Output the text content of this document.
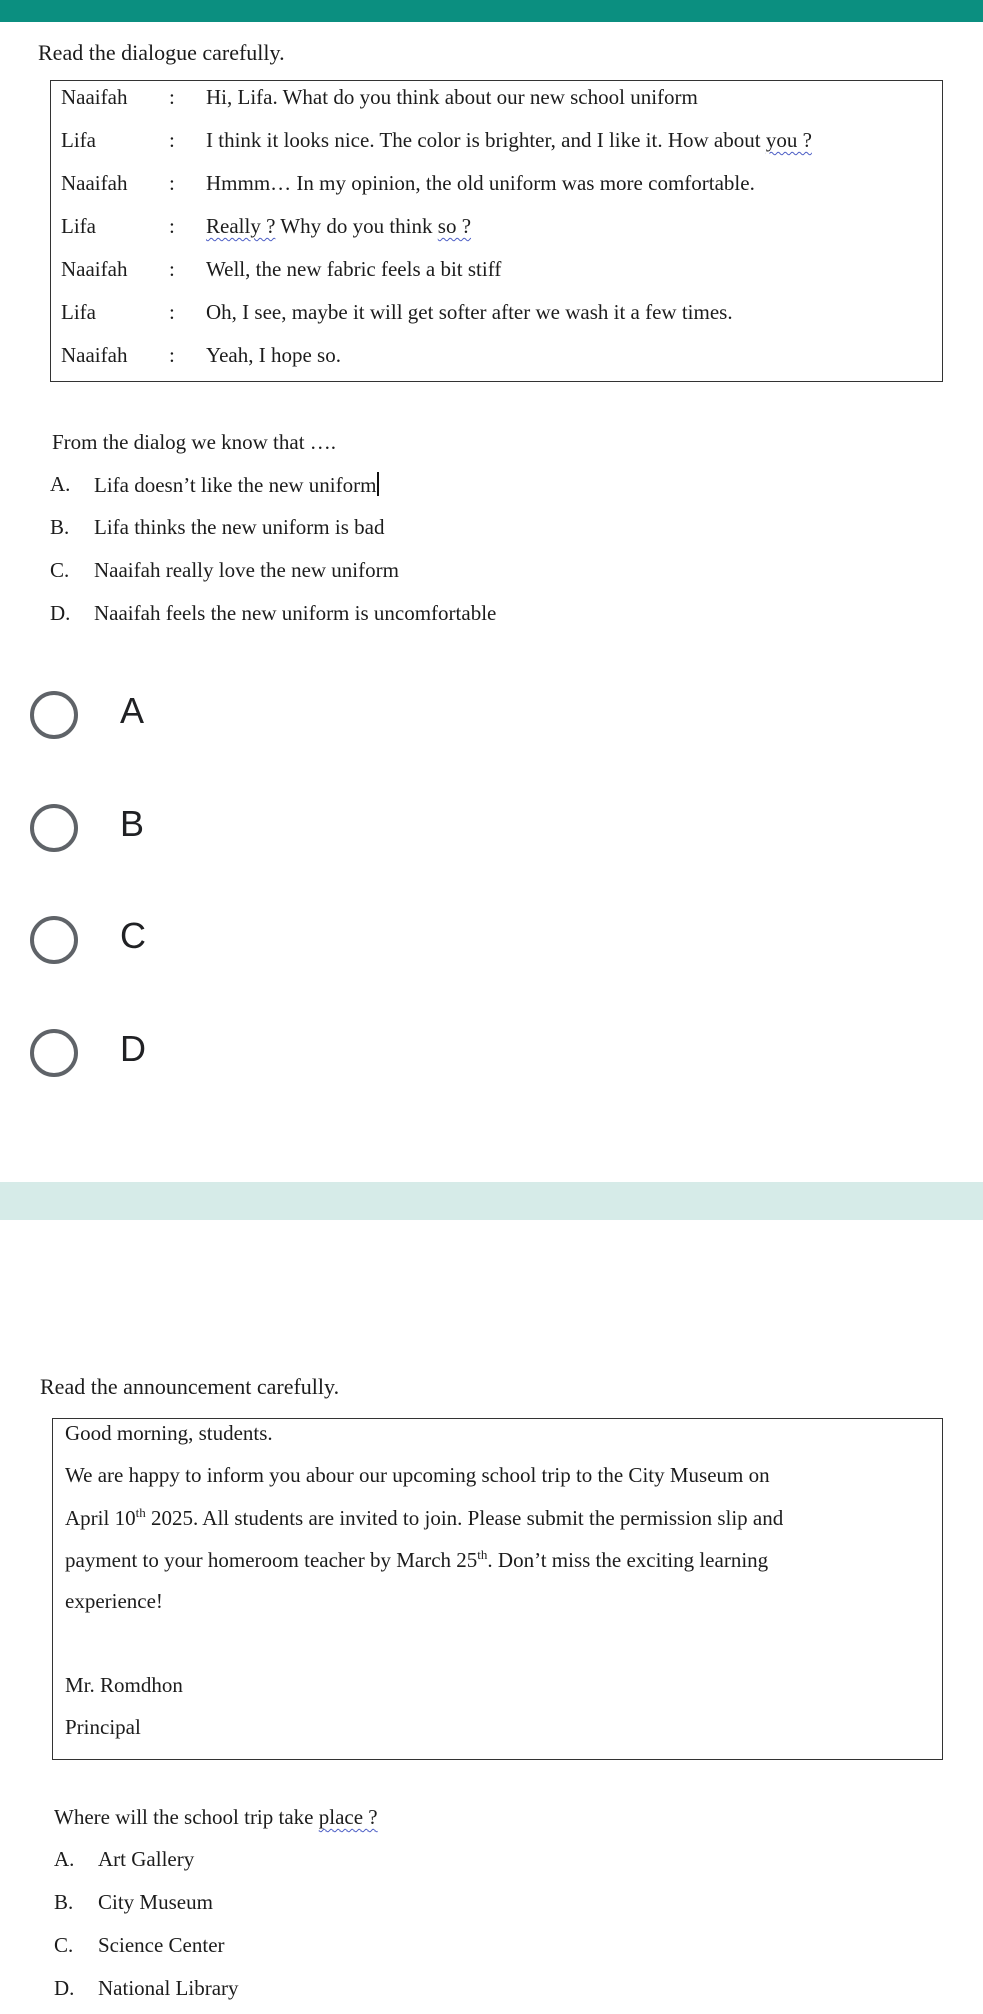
Read the dialogue carefully.
Naaifah : Hi, Lifa. What do you think about our new school uniform
Lifa	: I think it looks nice. The color is brighter, and I like it. How about you ?
Naaifah : Hmmm… In my opinion, the old uniform was more comfortable.
Lifa	: Really ? Why do you think so ?
Naaifah : Well, the new fabric feels a bit stiff
Lifa	: Oh, I see, maybe it will get softer after we wash it a few times.
Naaifah : Yeah, I hope so.
From the dialog we know that ….
A. Lifa doesn’t like the new uniform
B. Lifa thinks the new uniform is bad
C. Naaifah really love the new uniform
D. Naaifah feels the new uniform is uncomfortable
A
B
C
D
Read the announcement carefully.
Good morning, students.
We are happy to inform you abour our upcoming school trip to the City Museum on
April 10th 2025. All students are invited to join. Please submit the permission slip and
payment to your homeroom teacher by March 25th. Don’t miss the exciting learning
experience!
Mr. Romdhon
Principal
Where will the school trip take place ?
A. Art Gallery
B. City Museum
C. Science Center
D. National Library
